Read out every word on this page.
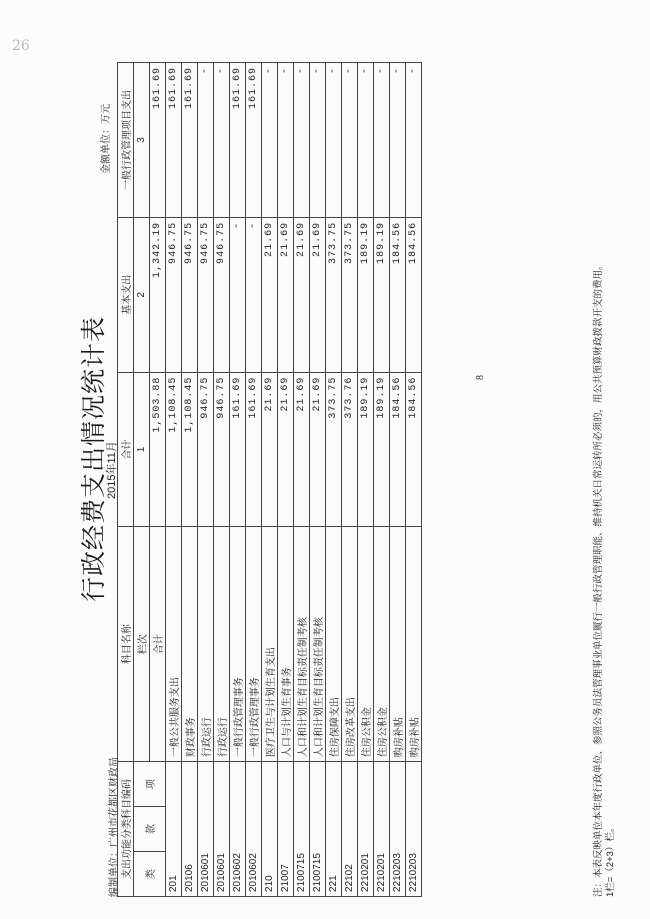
26
8
行政经费支出情况统计表
2015年11月
编制单位：广州市花都区财政局
金额单位：万元
支出功能分类科目编码			科目名称	合计	基本支出	一般行政管理项目支出
类	款	项	栏次	1	2	3
			合计	1,503.88	1,342.19	161.69
201			一般公共服务支出	1,108.45	946.75	161.69
20106			财政事务	1,108.45	946.75	161.69
2010601			行政运行	946.75	946.75	-
2010601			行政运行	946.75	946.75	-
2010602			一般行政管理事务	161.69	-	161.69
2010602			一般行政管理事务	161.69	-	161.69
210			医疗卫生与计划生育支出	21.69	21.69	-
21007			人口与计划生育事务	21.69	21.69	-
2100715			人口和计划生育目标责任制考核	21.69	21.69	-
2100715			人口和计划生育目标责任制考核	21.69	21.69	-
221			住房保障支出	373.75	373.75	-
22102			住房改革支出	373.76	373.75	-
2210201			住房公积金	189.19	189.19	-
2210201			住房公积金	189.19	189.19	-
2210203			购房补贴	184.56	184.56	-
2210203			购房补贴	184.56	184.56	-
注：本表反映单位本年度行政单位、参照公务员法管理事业单位履行一般行政管理职能、维持机关日常运转所必须的，用公共预算财政拨款开支的费用。 1栏=（2+3）栏。
